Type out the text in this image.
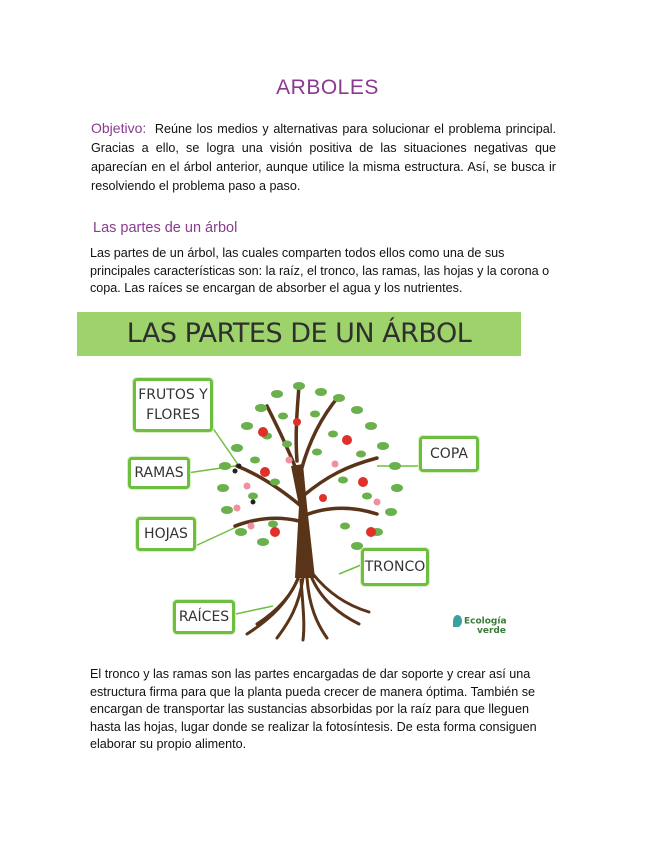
ARBOLES
Objetivo: Reúne los medios y alternativas para solucionar el problema principal. Gracias a ello, se logra una visión positiva de las situaciones negativas que aparecían en el árbol anterior, aunque utilice la misma estructura. Así, se busca ir resolviendo el problema paso a paso.
Las partes de un árbol
Las partes de un árbol, las cuales comparten todos ellos como una de sus principales características son: la raíz, el tronco, las ramas, las hojas y la corona o copa. Las raíces se encargan de absorber el agua y los nutrientes.
LAS PARTES DE UN ÁRBOL
FRUTOS Y
FLORES
RAMAS
HOJAS
RAÍCES
COPA
TRONCO
Ecología
verde
El tronco y las ramas son las partes encargadas de dar soporte y crear así una estructura firma para que la planta pueda crecer de manera óptima. También se encargan de transportar las sustancias absorbidas por la raíz para que lleguen hasta las hojas, lugar donde se realizar la fotosíntesis. De esta forma consiguen elaborar su propio alimento.
